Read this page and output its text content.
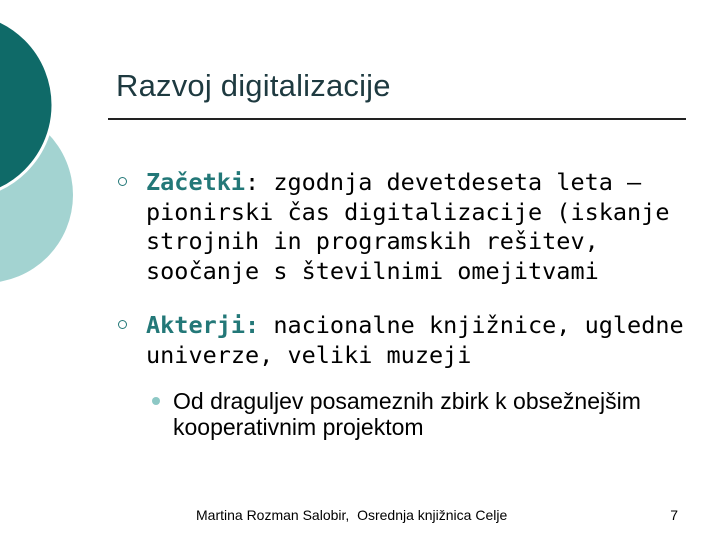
Razvoj digitalizacije
Začetki: zgodnja devetdeseta leta – pionirski čas digitalizacije (iskanje strojnih in programskih rešitev, soočanje s številnimi omejitvami
Akterji: nacionalne knjižnice, ugledne univerze, veliki muzeji
Od draguljev posameznih zbirk k obsežnejšim kooperativnim projektom
Martina Rozman Salobir,  Osrednja knjižnica Celje	7
